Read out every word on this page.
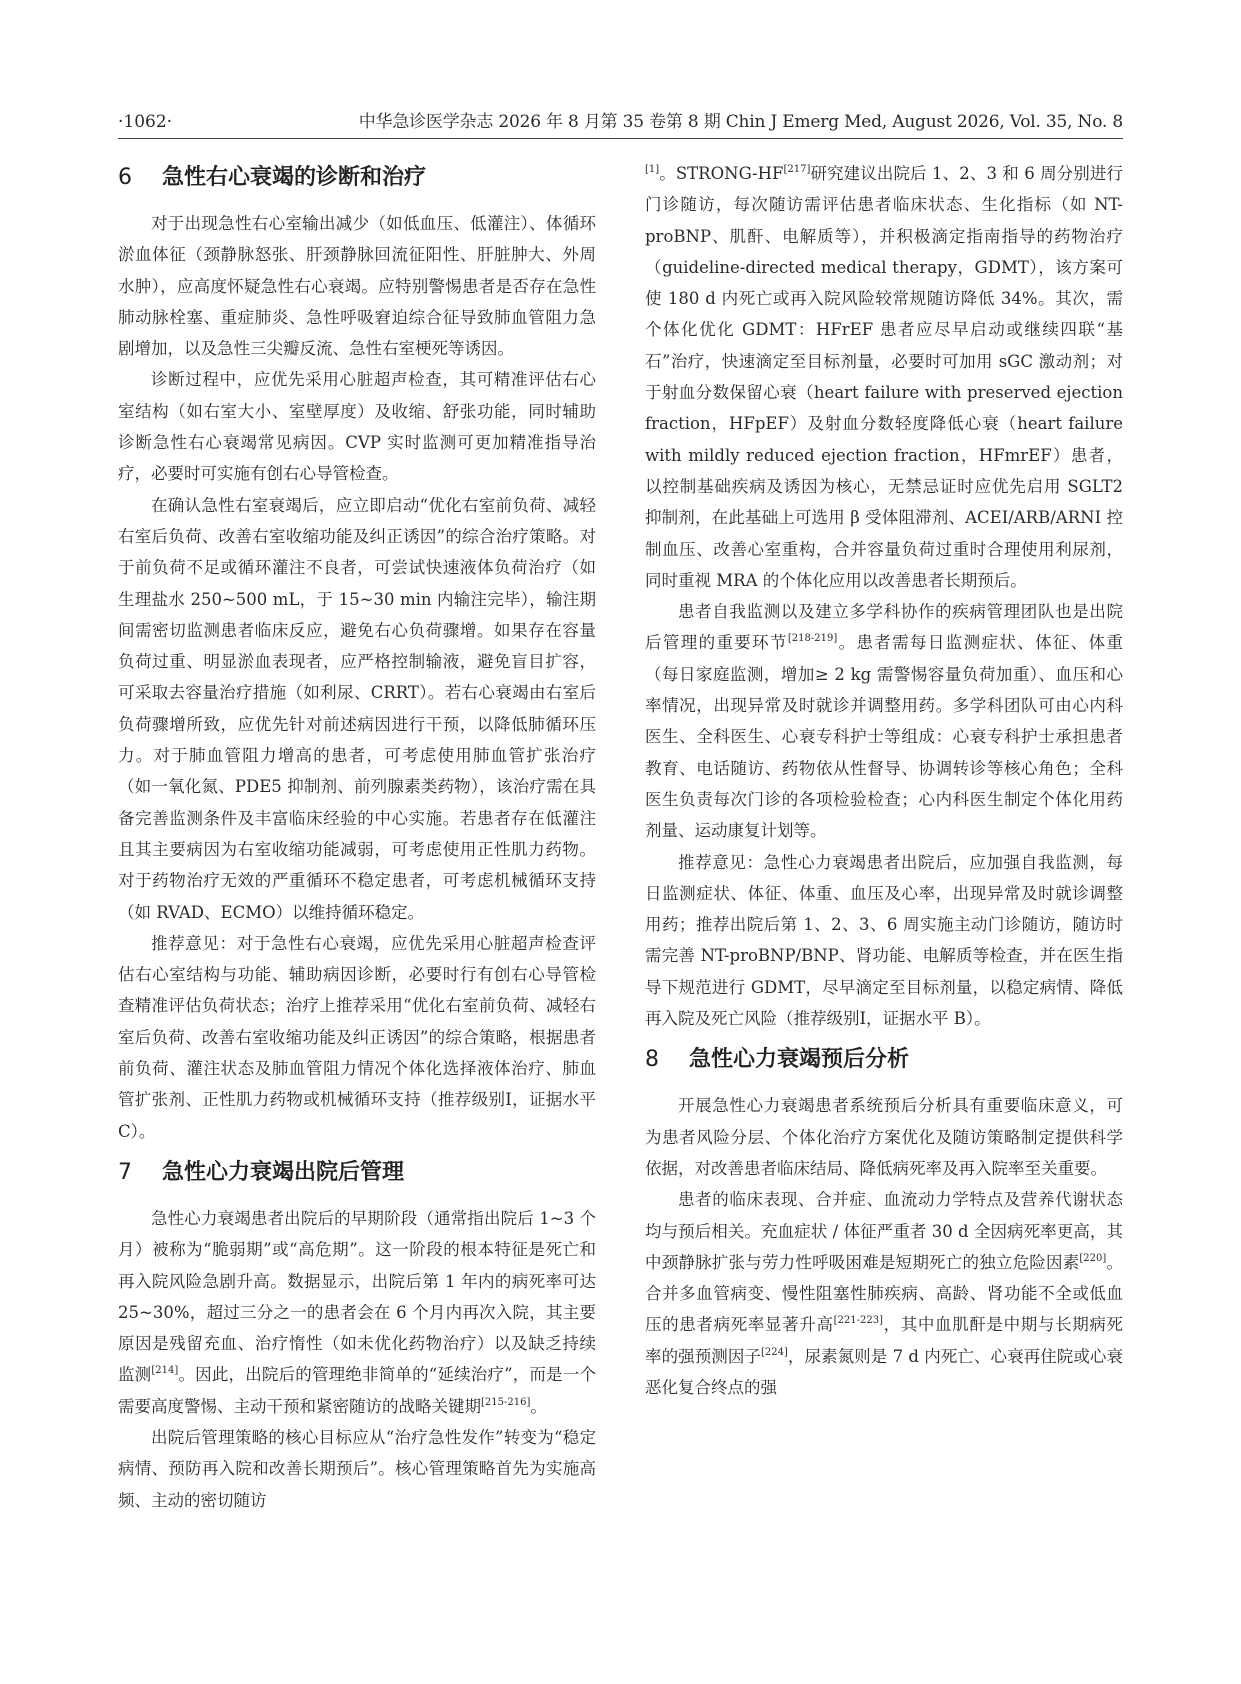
·1062·	中华急诊医学杂志 2026 年 8 月第 35 卷第 8 期 Chin J Emerg Med, August 2026, Vol. 35, No. 8
6 急性右心衰竭的诊断和治疗

对于出现急性右心室输出减少（如低血压、低灌注）、体循环淤血体征（颈静脉怒张、肝颈静脉回流征阳性、肝脏肿大、外周水肿），应高度怀疑急性右心衰竭。应特别警惕患者是否存在急性肺动脉栓塞、重症肺炎、急性呼吸窘迫综合征导致肺血管阻力急剧增加，以及急性三尖瓣反流、急性右室梗死等诱因。

诊断过程中，应优先采用心脏超声检查，其可精准评估右心室结构（如右室大小、室壁厚度）及收缩、舒张功能，同时辅助诊断急性右心衰竭常见病因。CVP 实时监测可更加精准指导治疗，必要时可实施有创右心导管检查。

在确认急性右室衰竭后，应立即启动“优化右室前负荷、减轻右室后负荷、改善右室收缩功能及纠正诱因”的综合治疗策略。对于前负荷不足或循环灌注不良者，可尝试快速液体负荷治疗（如生理盐水 250~500 mL，于 15~30 min 内输注完毕），输注期间需密切监测患者临床反应，避免右心负荷骤增。如果存在容量负荷过重、明显淤血表现者，应严格控制输液，避免盲目扩容，可采取去容量治疗措施（如利尿、CRRT）。若右心衰竭由右室后负荷骤增所致，应优先针对前述病因进行干预，以降低肺循环压力。对于肺血管阻力增高的患者，可考虑使用肺血管扩张治疗（如一氧化氮、PDE5 抑制剂、前列腺素类药物），该治疗需在具备完善监测条件及丰富临床经验的中心实施。若患者存在低灌注且其主要病因为右室收缩功能减弱，可考虑使用正性肌力药物。对于药物治疗无效的严重循环不稳定患者，可考虑机械循环支持（如 RVAD、ECMO）以维持循环稳定。

推荐意见：对于急性右心衰竭，应优先采用心脏超声检查评估右心室结构与功能、辅助病因诊断，必要时行有创右心导管检查精准评估负荷状态；治疗上推荐采用“优化右室前负荷、减轻右室后负荷、改善右室收缩功能及纠正诱因”的综合策略，根据患者前负荷、灌注状态及肺血管阻力情况个体化选择液体治疗、肺血管扩张剂、正性肌力药物或机械循环支持（推荐级别Ⅰ，证据水平 C）。

7 急性心力衰竭出院后管理

急性心力衰竭患者出院后的早期阶段（通常指出院后 1~3 个月）被称为“脆弱期”或“高危期”。这一阶段的根本特征是死亡和再入院风险急剧升高。数据显示，出院后第 1 年内的病死率可达 25~30%，超过三分之一的患者会在 6 个月内再次入院，其主要原因是残留充血、治疗惰性（如未优化药物治疗）以及缺乏持续监测[214]。因此，出院后的管理绝非简单的“延续治疗”，而是一个需要高度警惕、主动干预和紧密随访的战略关键期[215-216]。

出院后管理策略的核心目标应从“治疗急性发作”转变为“稳定病情、预防再入院和改善长期预后”。核心管理策略首先为实施高频、主动的密切随访

[1]。STRONG-HF[217]研究建议出院后 1、2、3 和 6 周分别进行门诊随访，每次随访需评估患者临床状态、生化指标（如 NT-proBNP、肌酐、电解质等），并积极滴定指南指导的药物治疗（guideline-directed medical therapy，GDMT），该方案可使 180 d 内死亡或再入院风险较常规随访降低 34%。其次，需个体化优化 GDMT：HFrEF 患者应尽早启动或继续四联“基石”治疗，快速滴定至目标剂量，必要时可加用 sGC 激动剂；对于射血分数保留心衰（heart failure with preserved ejection fraction，HFpEF）及射血分数轻度降低心衰（heart failure with mildly reduced ejection fraction，HFmrEF）患者，以控制基础疾病及诱因为核心，无禁忌证时应优先启用 SGLT2 抑制剂，在此基础上可选用 β 受体阻滞剂、ACEI/ARB/ARNI 控制血压、改善心室重构，合并容量负荷过重时合理使用利尿剂，同时重视 MRA 的个体化应用以改善患者长期预后。

患者自我监测以及建立多学科协作的疾病管理团队也是出院后管理的重要环节[218-219]。患者需每日监测症状、体征、体重（每日家庭监测，增加≥ 2 kg 需警惕容量负荷加重）、血压和心率情况，出现异常及时就诊并调整用药。多学科团队可由心内科医生、全科医生、心衰专科护士等组成：心衰专科护士承担患者教育、电话随访、药物依从性督导、协调转诊等核心角色；全科医生负责每次门诊的各项检验检查；心内科医生制定个体化用药剂量、运动康复计划等。

推荐意见：急性心力衰竭患者出院后，应加强自我监测，每日监测症状、体征、体重、血压及心率，出现异常及时就诊调整用药；推荐出院后第 1、2、3、6 周实施主动门诊随访，随访时需完善 NT-proBNP/BNP、肾功能、电解质等检查，并在医生指导下规范进行 GDMT，尽早滴定至目标剂量，以稳定病情、降低再入院及死亡风险（推荐级别Ⅰ，证据水平 B）。

8 急性心力衰竭预后分析

开展急性心力衰竭患者系统预后分析具有重要临床意义，可为患者风险分层、个体化治疗方案优化及随访策略制定提供科学依据，对改善患者临床结局、降低病死率及再入院率至关重要。

患者的临床表现、合并症、血流动力学特点及营养代谢状态均与预后相关。充血症状 / 体征严重者 30 d 全因病死率更高，其中颈静脉扩张与劳力性呼吸困难是短期死亡的独立危险因素[220]。合并多血管病变、慢性阻塞性肺疾病、高龄、肾功能不全或低血压的患者病死率显著升高[221-223]，其中血肌酐是中期与长期病死率的强预测因子[224]，尿素氮则是 7 d 内死亡、心衰再住院或心衰恶化复合终点的强
